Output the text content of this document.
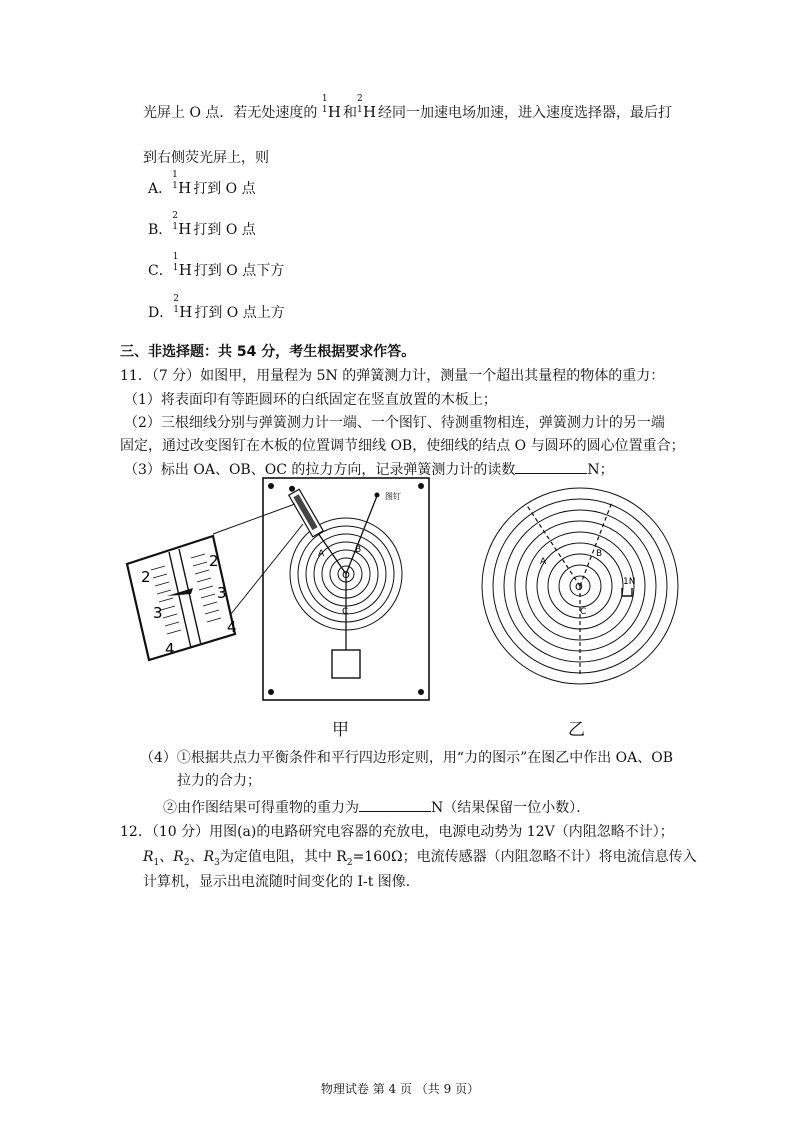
光屏上 O 点．若无处速度的
1
1 H 和
2
1 H 经同一加速电场加速，进入速度选择器，最后打
到右侧荧光屏上，则
A．
1
1 H 打到 O 点
B．
2
1 H 打到 O 点
C．
1
1 H 打到 O 点下方
D．
2
1 H 打到 O 点上方
三、非选择题：共 54 分，考生根据要求作答。
11．（7 分）如图甲，用量程为 5N 的弹簧测力计，测量一个超出其量程的物体的重力：
（1）将表面印有等距圆环的白纸固定在竖直放置的木板上；
（2）三根细线分别与弹簧测力计一端、一个图钉、待测重物相连，弹簧测力计的另一端
固定，通过改变图钉在木板的位置调节细线 OB，使细线的结点 O 与圆环的圆心位置重合；
（3）标出 OA、OB、OC 的拉力方向，记录弹簧测力计的读数	N；
图钉
A	B
O
C
2
2
3
3
4
4
甲
A
B
O
C
1N
乙
（4）①根据共点力平衡条件和平行四边形定则，用“力的图示”在图乙中作出 OA、OB
拉力的合力；
②由作图结果可得重物的重力为	N（结果保留一位小数）．
12．（10 分）用图(a)的电路研究电容器的充放电，电源电动势为 12V（内阻忽略不计）；
$R_1$、$R_2$、$R_3$为定值电阻，其中 $R_2=160\Omega$；电流传感器（内阻忽略不计）将电流信息传入
计算机，显示出电流随时间变化的 I-t 图像．
物理试卷 第 4 页 （共 9 页）
